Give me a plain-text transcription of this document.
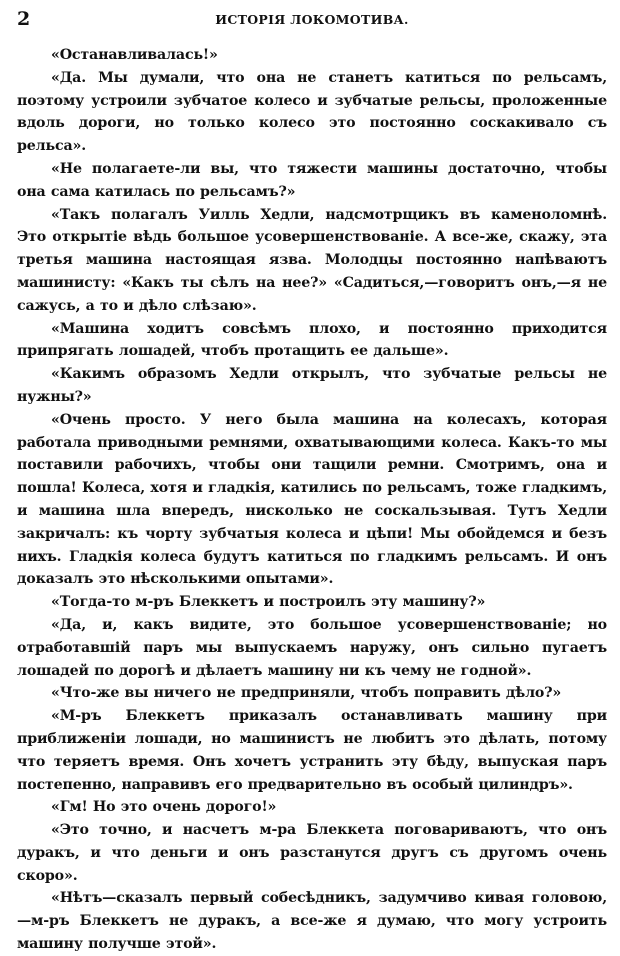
2	ИСТОРІЯ ЛОКОМОТИВА.

«Останавливалась!»

«Да. Мы думали, что она не станетъ катиться по рельсамъ, поэтому устроили зубчатое колесо и зубчатые рельсы, проложенные вдоль дороги, но только колесо это постоянно соскакивало съ рельса».

«Не полагаете-ли вы, что тяжести машины достаточно, чтобы она сама катилась по рельсамъ?»

«Такъ полагалъ Уилль Хедли, надсмотрщикъ въ каменоломнѣ. Это открытіе вѣдь большое усовершенствованіе. А все-же, скажу, эта третья машина настоящая язва. Молодцы постоянно напѣваютъ машинисту: «Какъ ты сѣлъ на нее?» «Садиться,—говоритъ онъ,—я не сажусь, а то и дѣло слѣзаю».

«Машина ходитъ совсѣмъ плохо, и постоянно приходится припрягать лошадей, чтобъ протащить ее дальше».

«Какимъ образомъ Хедли открылъ, что зубчатые рельсы не нужны?»

«Очень просто. У него была машина на колесахъ, которая работала приводными ремнями, охватывающими колеса. Какъ-то мы поставили рабочихъ, чтобы они тащили ремни. Смотримъ, она и пошла! Колеса, хотя и гладкія, катились по рельсамъ, тоже гладкимъ, и машина шла впередъ, нисколько не соскальзывая. Тутъ Хедли закричалъ: къ чорту зубчатыя колеса и цѣпи! Мы обойдемся и безъ нихъ. Гладкія колеса будутъ катиться по гладкимъ рельсамъ. И онъ доказалъ это нѣсколькими опытами».

«Тогда-то м-ръ Блеккетъ и построилъ эту машину?»

«Да, и, какъ видите, это большое усовершенствованіе; но отработавшій паръ мы выпускаемъ наружу, онъ сильно пугаетъ лошадей по дорогѣ и дѣлаетъ машину ни къ чему не годной».

«Что-же вы ничего не предприняли, чтобъ поправить дѣло?»

«М-ръ Блеккетъ приказалъ останавливать машину при приближеніи лошади, но машинистъ не любитъ это дѣлать, потому что теряетъ время. Онъ хочетъ устранить эту бѣду, выпуская паръ постепенно, направивъ его предварительно въ особый цилиндръ».

«Гм! Но это очень дорого!»

«Это точно, и насчетъ м-ра Блеккета поговариваютъ, что онъ дуракъ, и что деньги и онъ разстанутся другъ съ другомъ очень скоро».

«Нѣтъ—сказалъ первый собесѣдникъ, задумчиво кивая головою,—м-ръ Блеккетъ не дуракъ, а все-же я думаю, что могу устроить машину получше этой».
